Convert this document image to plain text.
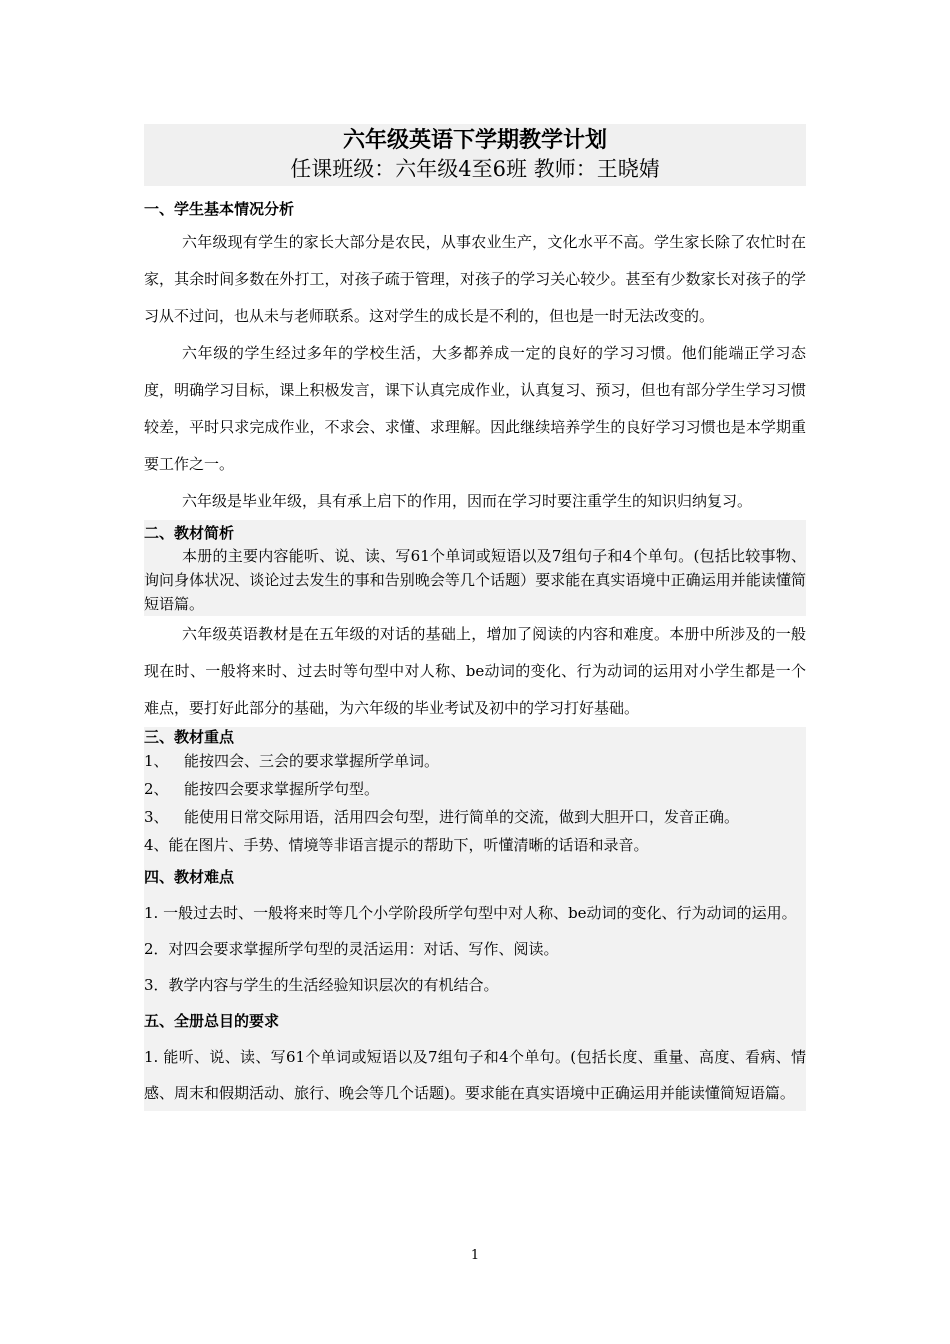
六年级英语下学期教学计划
任课班级：六年级4至6班 教师：王晓婧
一、学生基本情况分析

六年级现有学生的家长大部分是农民，从事农业生产，文化水平不高。学生家长除了农忙时在家，其余时间多数在外打工，对孩子疏于管理，对孩子的学习关心较少。甚至有少数家长对孩子的学习从不过问，也从未与老师联系。这对学生的成长是不利的，但也是一时无法改变的。

六年级的学生经过多年的学校生活，大多都养成一定的良好的学习习惯。他们能端正学习态度，明确学习目标，课上积极发言，课下认真完成作业，认真复习、预习，但也有部分学生学习习惯较差，平时只求完成作业，不求会、求懂、求理解。因此继续培养学生的良好学习习惯也是本学期重要工作之一。

六年级是毕业年级，具有承上启下的作用，因而在学习时要注重学生的知识归纳复习。

二、教材简析

本册的主要内容能听、说、读、写61个单词或短语以及7组句子和4个单句。(包括比较事物、询问身体状况、谈论过去发生的事和告别晚会等几个话题）要求能在真实语境中正确运用并能读懂简短语篇。

六年级英语教材是在五年级的对话的基础上，增加了阅读的内容和难度。本册中所涉及的一般现在时、一般将来时、过去时等句型中对人称、be动词的变化、行为动词的运用对小学生都是一个难点，要打好此部分的基础，为六年级的毕业考试及初中的学习打好基础。

三、教材重点
1、 能按四会、三会的要求掌握所学单词。
2、 能按四会要求掌握所学句型。
3、 能使用日常交际用语，活用四会句型，进行简单的交流，做到大胆开口，发音正确。
4、能在图片、手势、情境等非语言提示的帮助下，听懂清晰的话语和录音。
四、教材难点

1. 一般过去时、一般将来时等几个小学阶段所学句型中对人称、be动词的变化、行为动词的运用。

2．对四会要求掌握所学句型的灵活运用：对话、写作、阅读。

3．教学内容与学生的生活经验知识层次的有机结合。

五、全册总目的要求

1. 能听、说、读、写61个单词或短语以及7组句子和4个单句。(包括长度、重量、高度、看病、情感、周末和假期活动、旅行、晚会等几个话题)。要求能在真实语境中正确运用并能读懂简短语篇。

1
